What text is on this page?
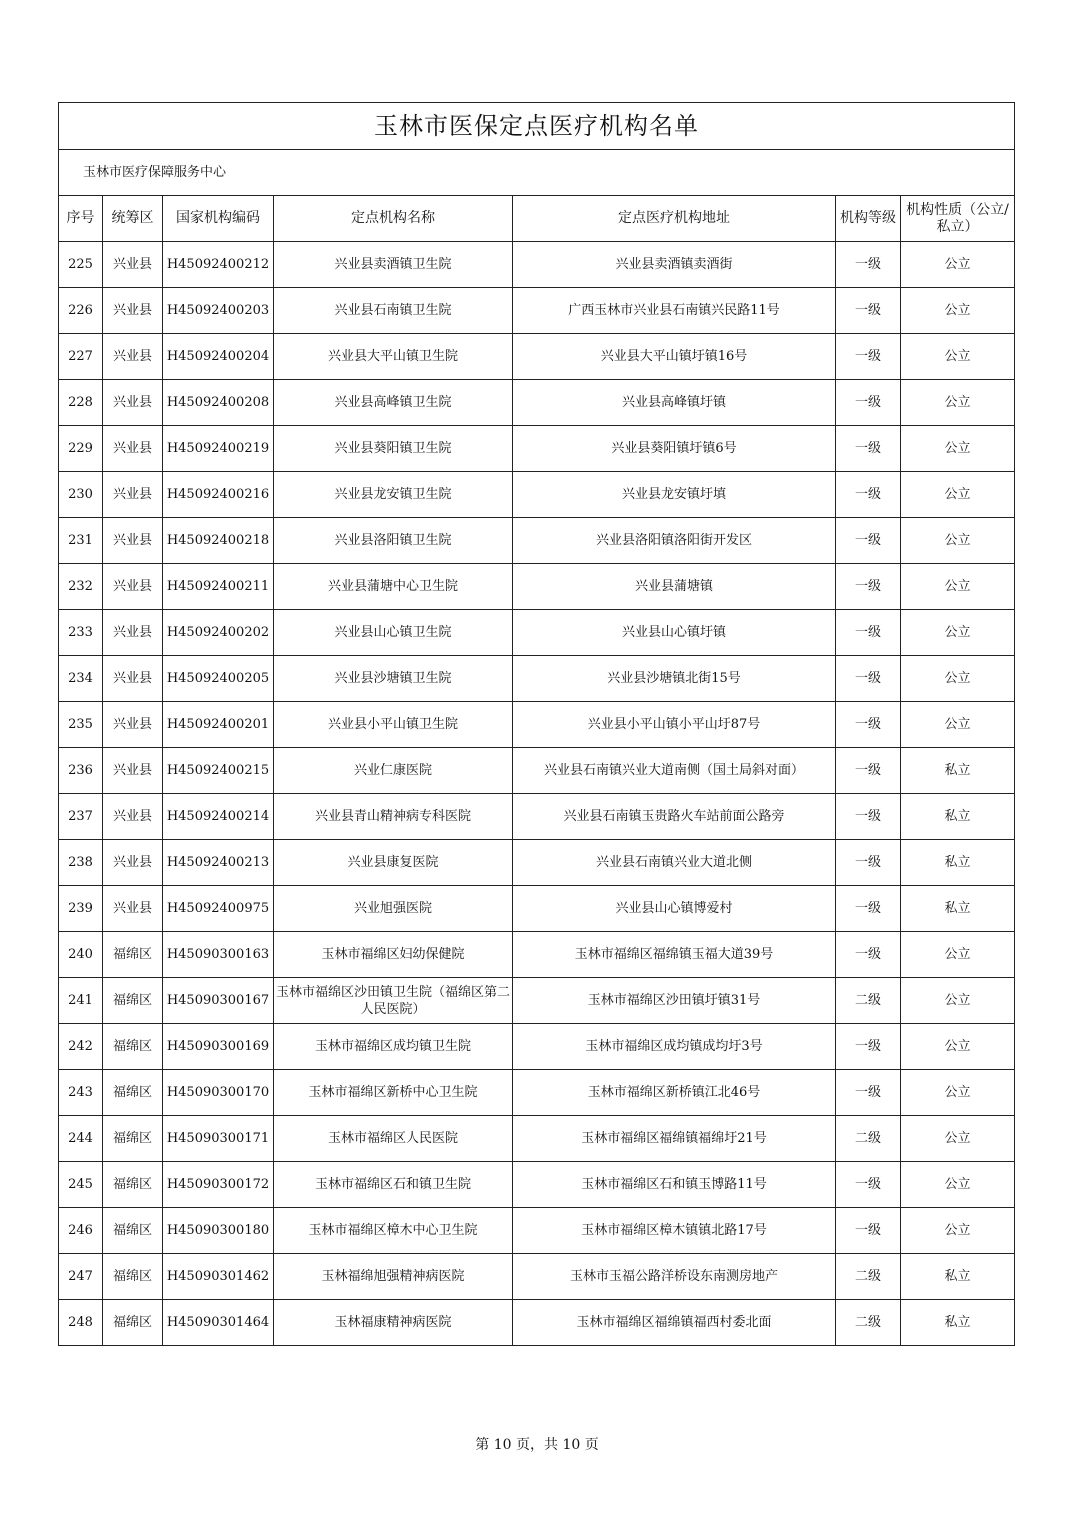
玉林市医保定点医疗机构名单						
玉林市医疗保障服务中心						
序号	统筹区	国家机构编码	定点机构名称	定点医疗机构地址	机构等级	机构性质（公立/私立）
225	兴业县	H45092400212	兴业县卖酒镇卫生院	兴业县卖酒镇卖酒街	一级	公立
226	兴业县	H45092400203	兴业县石南镇卫生院	广西玉林市兴业县石南镇兴民路11号	一级	公立
227	兴业县	H45092400204	兴业县大平山镇卫生院	兴业县大平山镇圩镇16号	一级	公立
228	兴业县	H45092400208	兴业县高峰镇卫生院	兴业县高峰镇圩镇	一级	公立
229	兴业县	H45092400219	兴业县葵阳镇卫生院	兴业县葵阳镇圩镇6号	一级	公立
230	兴业县	H45092400216	兴业县龙安镇卫生院	兴业县龙安镇圩填	一级	公立
231	兴业县	H45092400218	兴业县洛阳镇卫生院	兴业县洛阳镇洛阳街开发区	一级	公立
232	兴业县	H45092400211	兴业县蒲塘中心卫生院	兴业县蒲塘镇	一级	公立
233	兴业县	H45092400202	兴业县山心镇卫生院	兴业县山心镇圩镇	一级	公立
234	兴业县	H45092400205	兴业县沙塘镇卫生院	兴业县沙塘镇北街15号	一级	公立
235	兴业县	H45092400201	兴业县小平山镇卫生院	兴业县小平山镇小平山圩87号	一级	公立
236	兴业县	H45092400215	兴业仁康医院	兴业县石南镇兴业大道南侧（国土局斜对面）	一级	私立
237	兴业县	H45092400214	兴业县青山精神病专科医院	兴业县石南镇玉贵路火车站前面公路旁	一级	私立
238	兴业县	H45092400213	兴业县康复医院	兴业县石南镇兴业大道北侧	一级	私立
239	兴业县	H45092400975	兴业旭强医院	兴业县山心镇博爱村	一级	私立
240	福绵区	H45090300163	玉林市福绵区妇幼保健院	玉林市福绵区福绵镇玉福大道39号	一级	公立
241	福绵区	H45090300167	玉林市福绵区沙田镇卫生院（福绵区第二人民医院）	玉林市福绵区沙田镇圩镇31号	二级	公立
242	福绵区	H45090300169	玉林市福绵区成均镇卫生院	玉林市福绵区成均镇成均圩3号	一级	公立
243	福绵区	H45090300170	玉林市福绵区新桥中心卫生院	玉林市福绵区新桥镇江北46号	一级	公立
244	福绵区	H45090300171	玉林市福绵区人民医院	玉林市福绵区福绵镇福绵圩21号	二级	公立
245	福绵区	H45090300172	玉林市福绵区石和镇卫生院	玉林市福绵区石和镇玉博路11号	一级	公立
246	福绵区	H45090300180	玉林市福绵区樟木中心卫生院	玉林市福绵区樟木镇镇北路17号	一级	公立
247	福绵区	H45090301462	玉林福绵旭强精神病医院	玉林市玉福公路洋桥设东南测房地产	二级	私立
248	福绵区	H45090301464	玉林福康精神病医院	玉林市福绵区福绵镇福西村委北面	二级	私立
第 10 页，共 10 页
